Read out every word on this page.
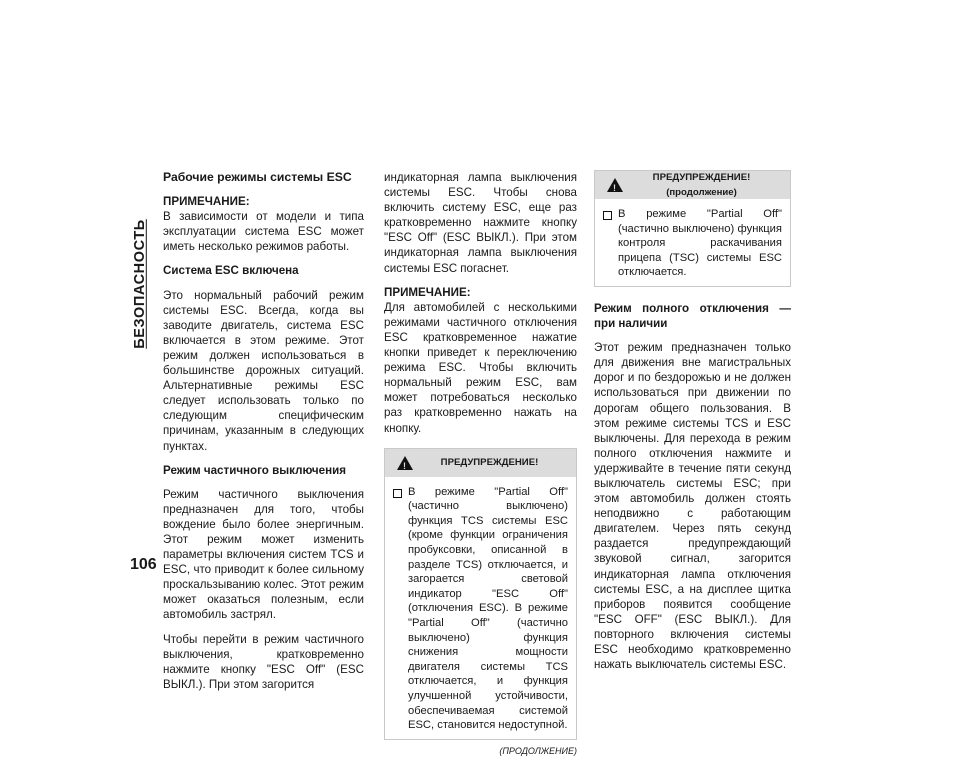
БЕЗОПАСНОСТЬ
106
Рабочие режимы системы ESC
ПРИМЕЧАНИЕ:

В зависимости от модели и типа эксплуатации система ESC может иметь несколько режимов работы.

Система ESC включена

Это нормальный рабочий режим системы ESC. Всегда, когда вы заводите двигатель, система ESC включается в этом режиме. Этот режим должен использоваться в большинстве дорожных ситуаций. Альтернативные режимы ESC следует использовать только по следующим специфическим причинам, указанным в следующих пунктах.

Режим частичного выключения

Режим частичного выключения предназначен для того, чтобы вождение было более энергичным. Этот режим может изменить параметры включения систем TCS и ESC, что приводит к более сильному проскальзыванию колес. Этот режим может оказаться полезным, если автомобиль застрял.

Чтобы перейти в режим частичного выключения, кратковременно нажмите кнопку "ESC Off" (ESC ВЫКЛ.). При этом загорится

индикаторная лампа выключения системы ESC. Чтобы снова включить систему ESC, еще раз кратковременно нажмите кнопку "ESC Off" (ESC ВЫКЛ.). При этом индикаторная лампа выключения системы ESC погаснет.

ПРИМЕЧАНИЕ:

Для автомобилей с несколькими режимами частичного отключения ESC кратковременное нажатие кнопки приведет к переключению режима ESC. Чтобы включить нормальный режим ESC, вам может потребоваться несколько раз кратковременно нажать на кнопку.

!
ПРЕДУПРЕЖДЕНИЕ!
В режиме "Partial Off" (частично выключено) функция TCS системы ESC (кроме функции ограничения пробуксовки, описанной в разделе TCS) отключается, и загорается световой индикатор "ESC Off" (отключения ESC). В режиме "Partial Off" (частично выключено) функция снижения мощности двигателя системы TCS отключается, и функция улучшенной устойчивости, обеспечиваемая системой ESC, становится недоступной.
(ПРОДОЛЖЕНИЕ)
!
ПРЕДУПРЕЖДЕНИЕ! (продолжение)
В режиме "Partial Off" (частично выключено) функция контроля раскачивания прицепа (TSC) системы ESC отключается.
Режим полного отключения — при наличии

Этот режим предназначен только для движения вне магистральных дорог и по бездорожью и не должен использоваться при движении по дорогам общего пользования. В этом режиме системы TCS и ESC выключены. Для перехода в режим полного отключения нажмите и удерживайте в течение пяти секунд выключатель системы ESC; при этом автомобиль должен стоять неподвижно с работающим двигателем. Через пять секунд раздается предупреждающий звуковой сигнал, загорится индикаторная лампа отключения системы ESC, а на дисплее щитка приборов появится сообщение "ESC OFF" (ESC ВЫКЛ.). Для повторного включения системы ESC необходимо кратковременно нажать выключатель системы ESC.
